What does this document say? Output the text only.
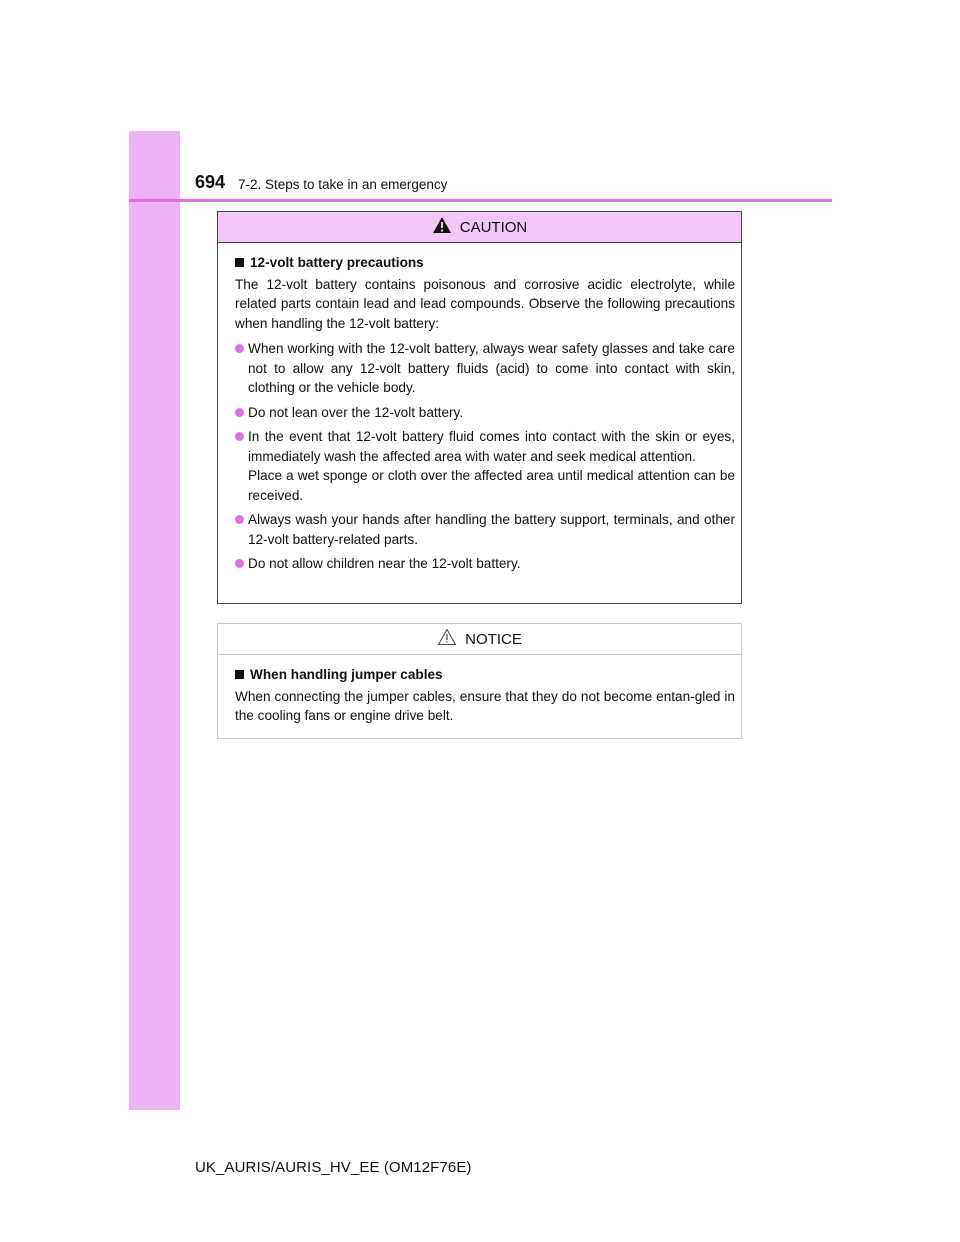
694 7-2. Steps to take in an emergency
CAUTION
12-volt battery precautions
The 12-volt battery contains poisonous and corrosive acidic electrolyte, while related parts contain lead and lead compounds. Observe the following precautions when handling the 12-volt battery:
When working with the 12-volt battery, always wear safety glasses and take care not to allow any 12-volt battery fluids (acid) to come into contact with skin, clothing or the vehicle body.
Do not lean over the 12-volt battery.
In the event that 12-volt battery fluid comes into contact with the skin or eyes, immediately wash the affected area with water and seek medical attention.
Place a wet sponge or cloth over the affected area until medical attention can be received.
Always wash your hands after handling the battery support, terminals, and other 12-volt battery-related parts.
Do not allow children near the 12-volt battery.
NOTICE
When handling jumper cables
When connecting the jumper cables, ensure that they do not become entan-gled in the cooling fans or engine drive belt.
UK_AURIS/AURIS_HV_EE (OM12F76E)
